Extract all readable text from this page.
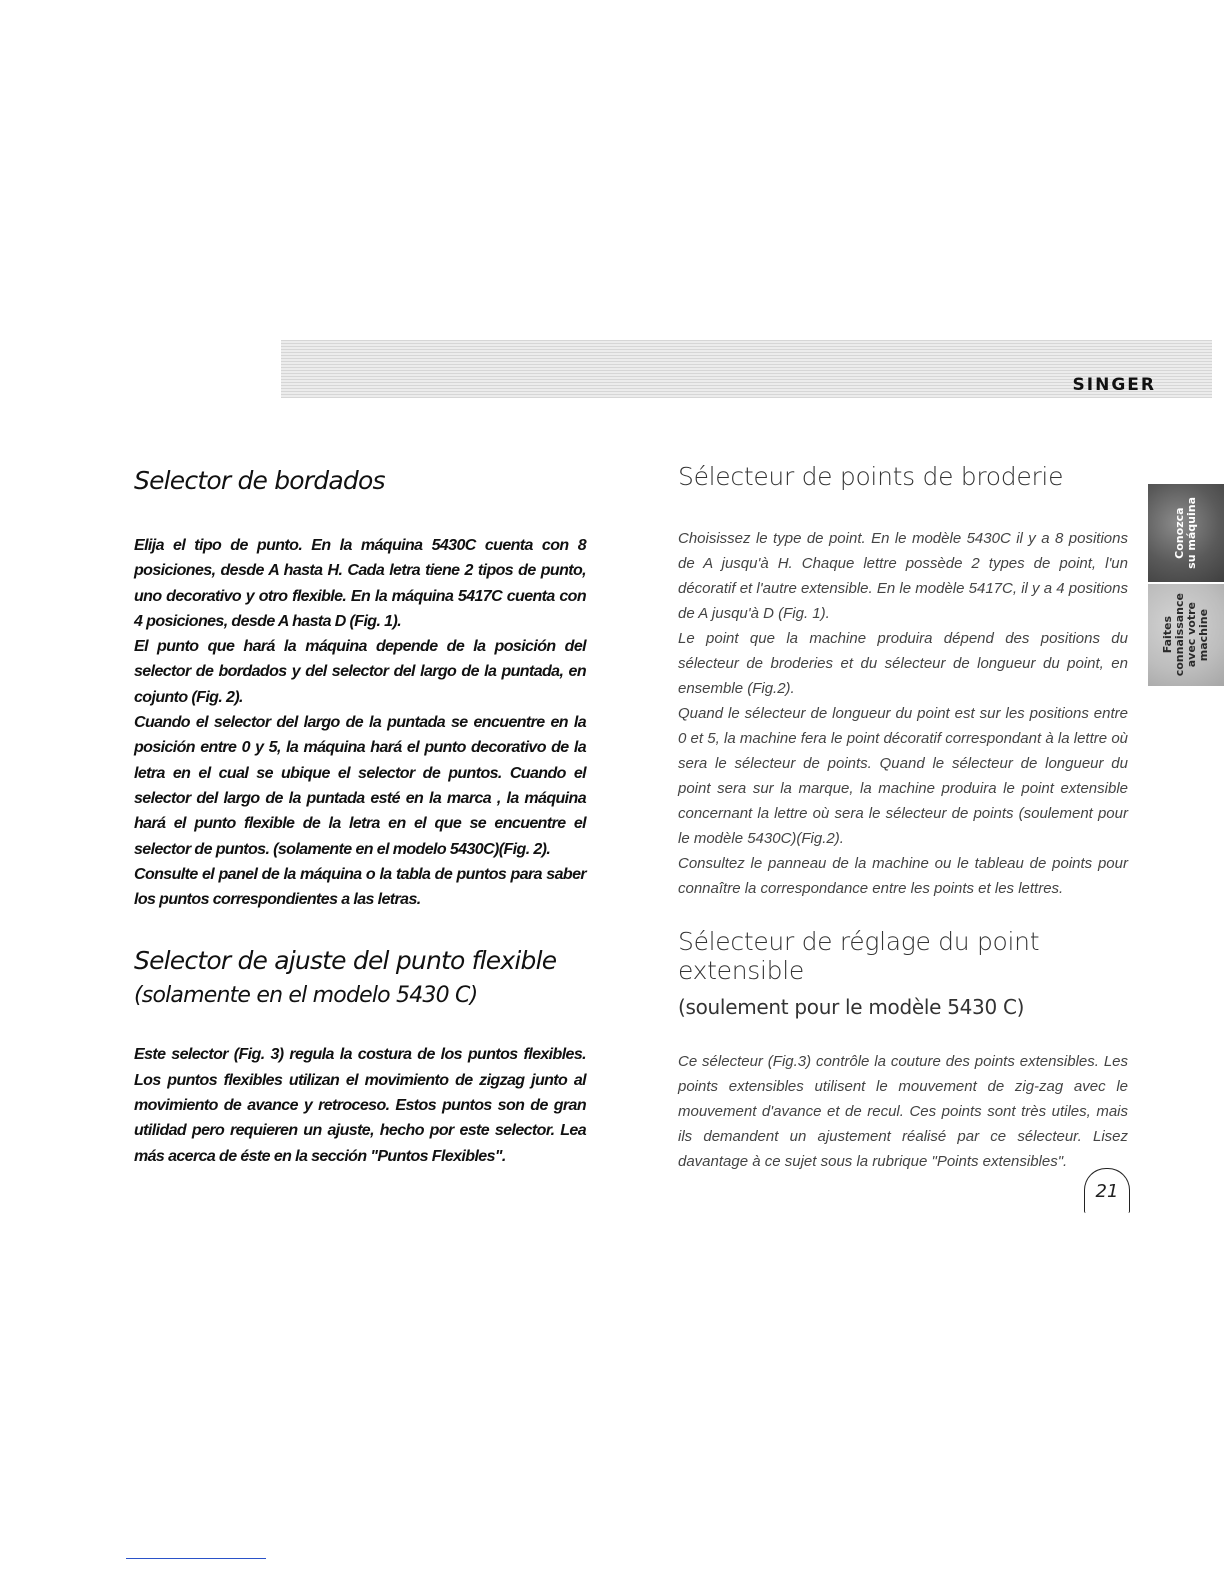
SINGER
Conozca
su máquina
Faites
connaissance
avec votre
machine
Selector de bordados

Elija el tipo de punto. En la máquina 5430C cuenta con 8 posiciones, desde A hasta H. Cada letra tiene 2 tipos de punto, uno decorativo y otro flexible. En la máquina 5417C cuenta con 4 posiciones, desde A hasta D (Fig. 1).

El punto que hará la máquina depende de la posición del selector de bordados y del selector del largo de la puntada, en cojunto (Fig. 2).

Cuando el selector del largo de la puntada se encuentre en la posición entre 0 y 5, la máquina hará el punto decorativo de la letra en el cual se ubique el selector de puntos. Cuando el selector del largo de la puntada esté en la marca , la máquina hará el punto flexible de la letra en el que se encuentre el selector de puntos. (solamente en el modelo 5430C)(Fig. 2).

Consulte el panel de la máquina o la tabla de puntos para saber los puntos correspondientes a las letras.

Selector de ajuste del punto flexible
(solamente en el modelo 5430 C)

Este selector (Fig. 3) regula la costura de los puntos flexibles. Los puntos flexibles utilizan el movimiento de zigzag junto al movimiento de avance y retroceso. Estos puntos son de gran utilidad pero requieren un ajuste, hecho por este selector. Lea más acerca de éste en la sección "Puntos Flexibles".

Sélecteur de points de broderie

Choisissez le type de point. En le modèle 5430C il y a 8 positions de A jusqu'à H. Chaque lettre possède 2 types de point, l'un décoratif et l'autre extensible. En le modèle 5417C, il y a 4 positions de A jusqu'à D (Fig. 1).

Le point que la machine produira dépend des positions du sélecteur de broderies et du sélecteur de longueur du point, en ensemble (Fig.2).

Quand le sélecteur de longueur du point est sur les positions entre 0 et 5, la machine fera le point décoratif correspondant à la lettre où sera le sélecteur de points. Quand le sélecteur de longueur du point sera sur la marque, la machine produira le point extensible concernant la lettre où sera le sélecteur de points (soulement pour le modèle 5430C)(Fig.2).

Consultez le panneau de la machine ou le tableau de points pour connaître la correspondance entre les points et les lettres.

Sélecteur de réglage du point extensible
(soulement pour le modèle 5430 C)

Ce sélecteur (Fig.3) contrôle la couture des points extensibles. Les points extensibles utilisent le mouvement de zig-zag avec le mouvement d'avance et de recul. Ces points sont très utiles, mais ils demandent un ajustement réalisé par ce sélecteur. Lisez davantage à ce sujet sous la rubrique "Points extensibles".

21
